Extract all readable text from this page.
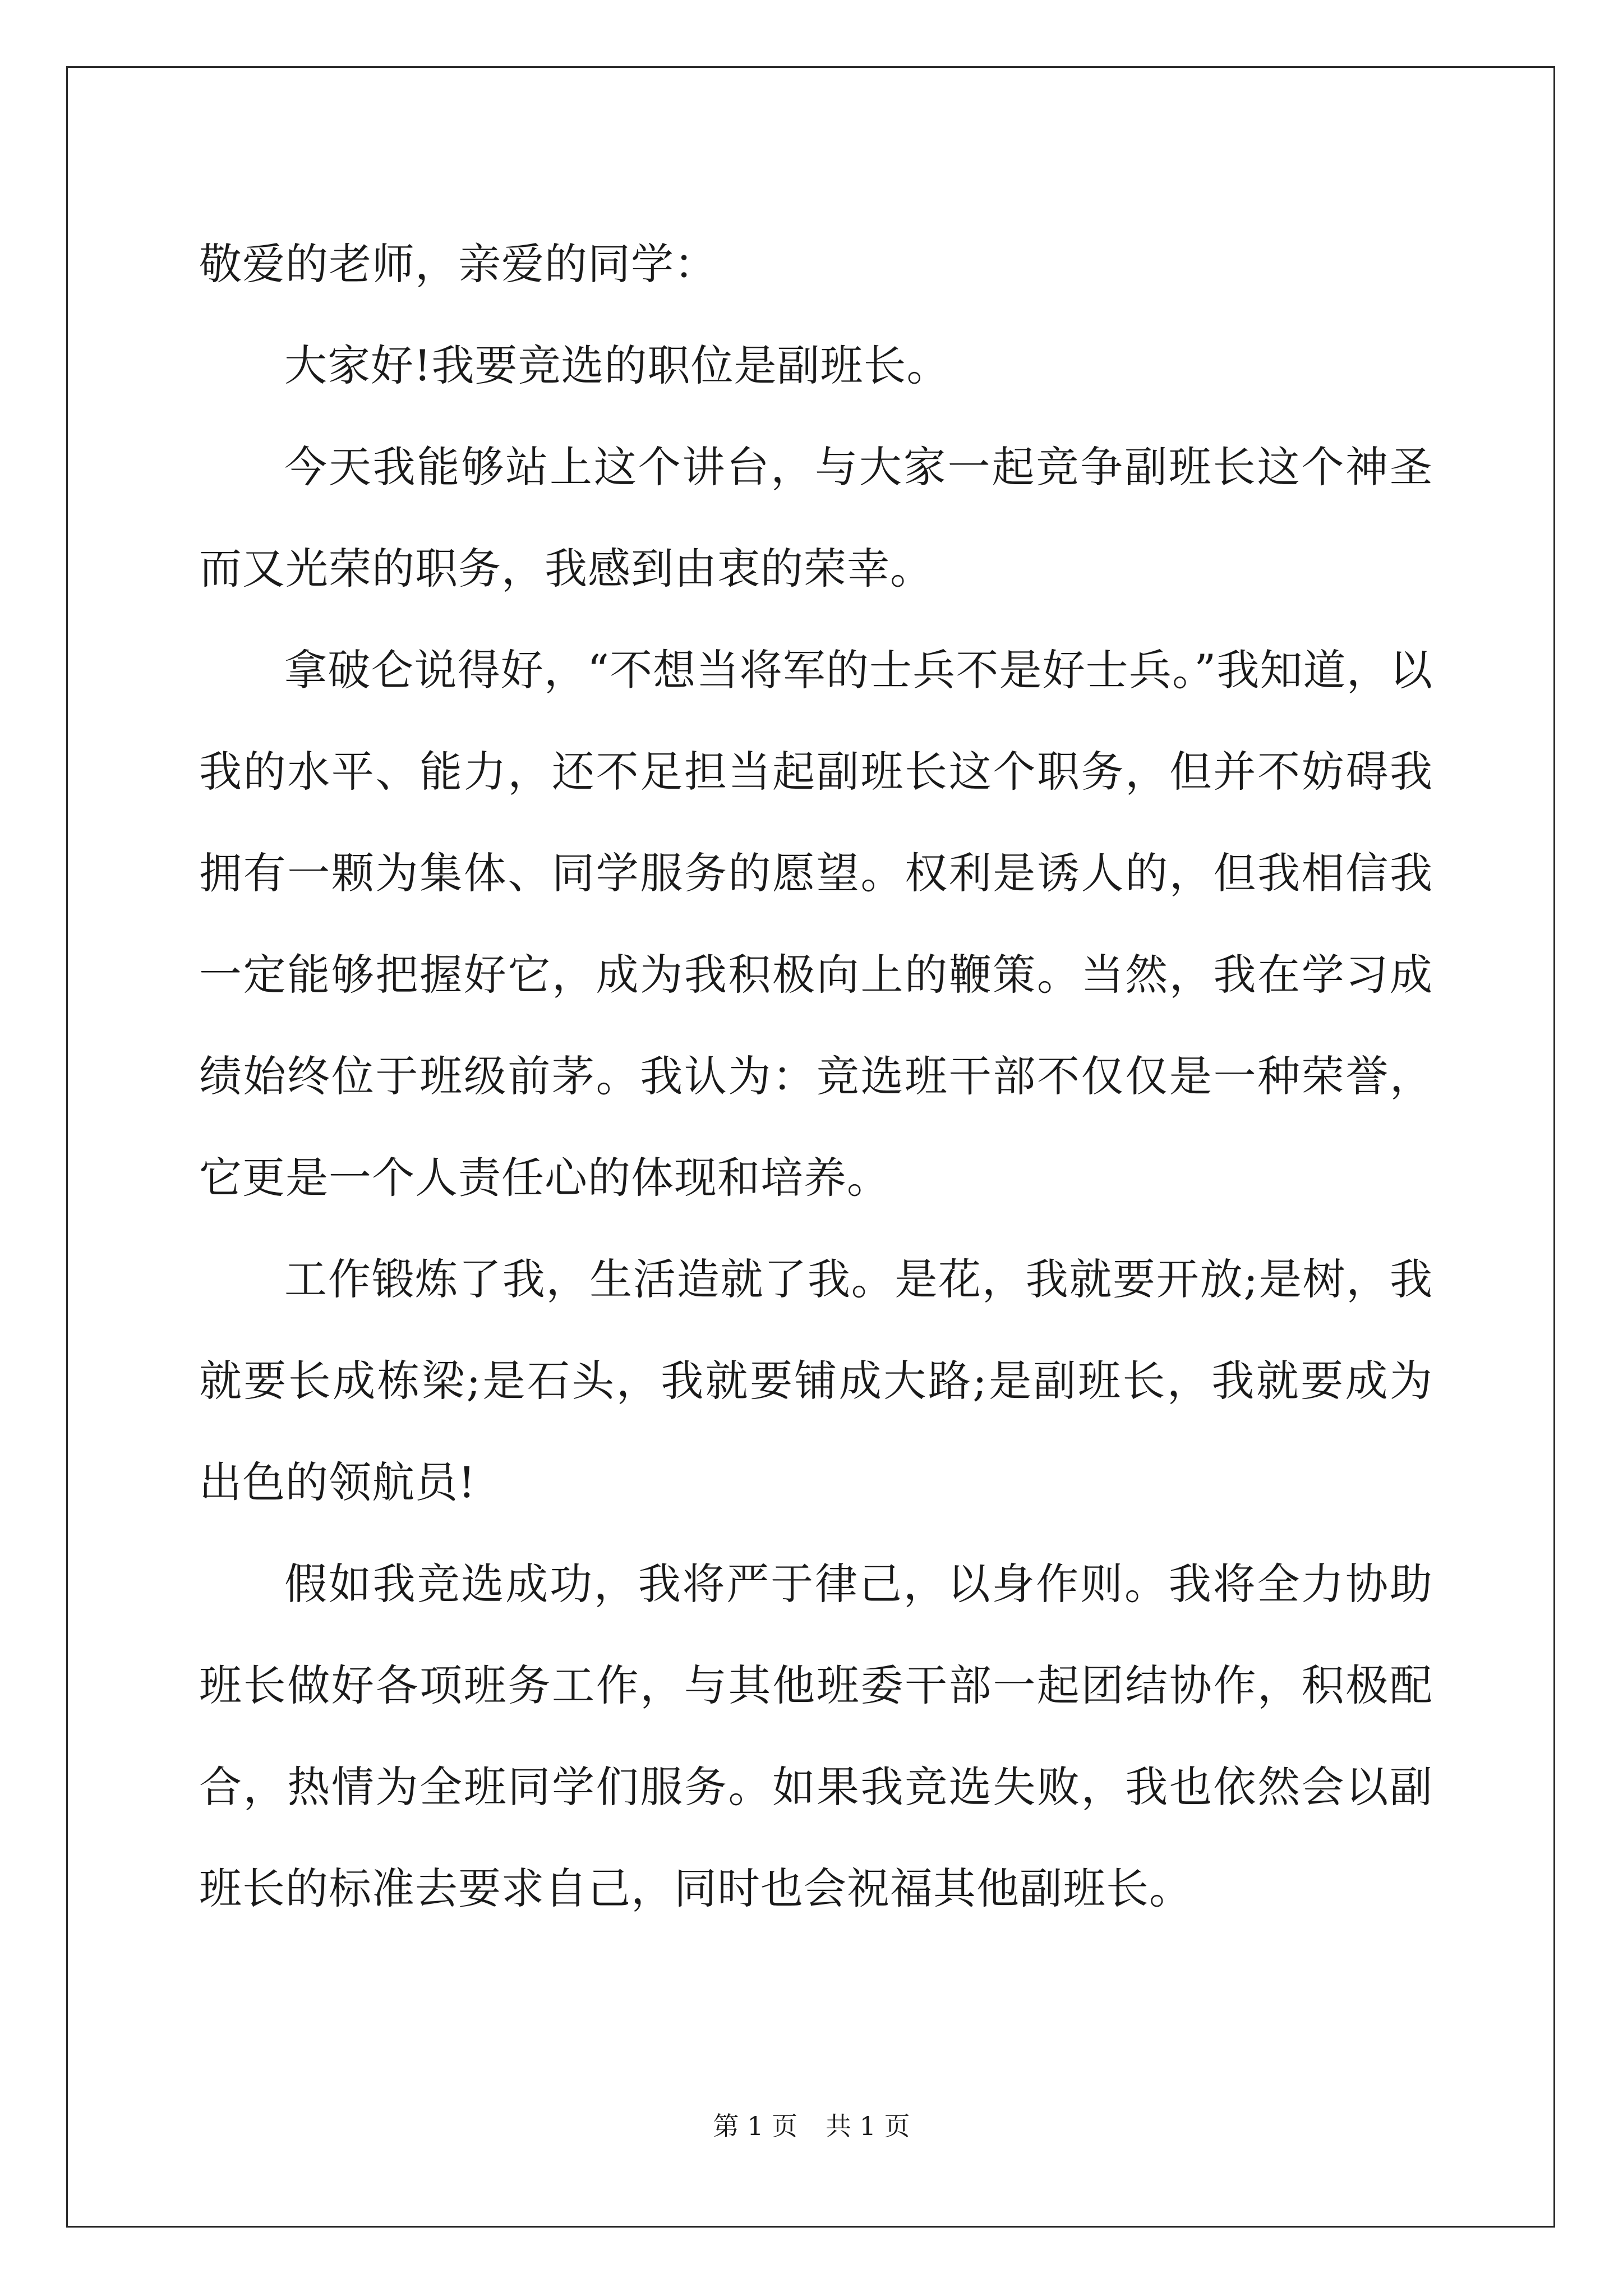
敬爱的老师，亲爱的同学：

大家好!我要竞选的职位是副班长。

今天我能够站上这个讲台，与大家一起竞争副班长这个神圣而又光荣的职务，我感到由衷的荣幸。

拿破仑说得好，“不想当将军的士兵不是好士兵。”我知道，以我的水平、能力，还不足担当起副班长这个职务，但并不妨碍我拥有一颗为集体、同学服务的愿望。权利是诱人的，但我相信我一定能够把握好它，成为我积极向上的鞭策。当然，我在学习成绩始终位于班级前茅。我认为：竞选班干部不仅仅是一种荣誉，它更是一个人责任心的体现和培养。

工作锻炼了我，生活造就了我。是花，我就要开放;是树，我就要长成栋梁;是石头，我就要铺成大路;是副班长，我就要成为出色的领航员!

假如我竞选成功，我将严于律己，以身作则。我将全力协助班长做好各项班务工作，与其他班委干部一起团结协作，积极配合，热情为全班同学们服务。如果我竞选失败，我也依然会以副班长的标准去要求自己，同时也会祝福其他副班长。

第 1 页 共 1 页
